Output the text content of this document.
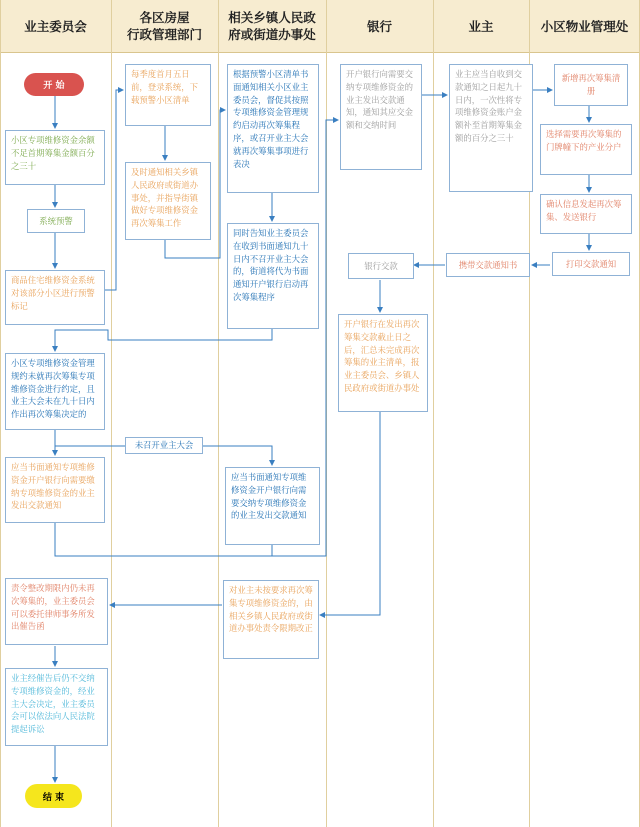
业主委员会
各区房屋
行政管理部门
相关乡镇人民政
府或街道办事处
银行	业主	小区物业管理处
开 始
小区专项维修资金余额不足首期筹集金额百分之三十
系统预警
商品住宅维修资金系统对该部分小区进行预警标记
每季度首月五日前，登录系统，下载预警小区清单
及时通知相关乡镇人民政府或街道办事处，并指导街镇做好专项维修资金再次筹集工作
根据预警小区清单书面通知相关小区业主委员会，督促其按照专项维修资金管理规约启动再次筹集程序，或召开业主大会就再次筹集事项进行表决
同时告知业主委员会在收到书面通知九十日内不召开业主大会的，街道将代为书面通知开户银行启动再次筹集程序
开户银行向需要交纳专项维修资金的业主发出交款通知，通知其应交金额和交纳时间
业主应当自收到交款通知之日起九十日内，一次性将专项维修资金账户金额补至首期筹集金额的百分之三十
新增再次筹集清册
选择需要再次筹集的门牌幢下的产业分户
确认信息发起再次筹集、发送银行
打印交款通知
携带交款通知书
银行交款
开户银行在发出再次筹集交款截止日之后，汇总未完成再次筹集的业主清单，报业主委员会、乡镇人民政府或街道办事处
小区专项维修资金管理规约未就再次筹集专项维修资金进行约定，且业主大会未在九十日内作出再次筹集决定的
未召开业主大会
应当书面通知专项维修资金开户银行向需要缴纳专项维修资金的业主发出交款通知
应当书面通知专项维修资金开户银行向需要交纳专项维修资金的业主发出交款通知
对业主未按要求再次筹集专项维修资金的，由相关乡镇人民政府或街道办事处责令限期改正
责令整改期限内仍未再次筹集的，业主委员会可以委托律师事务所发出催告函
业主经催告后仍不交纳专项维修资金的，经业主大会决定，业主委员会可以依法向人民法院提起诉讼
结 束
